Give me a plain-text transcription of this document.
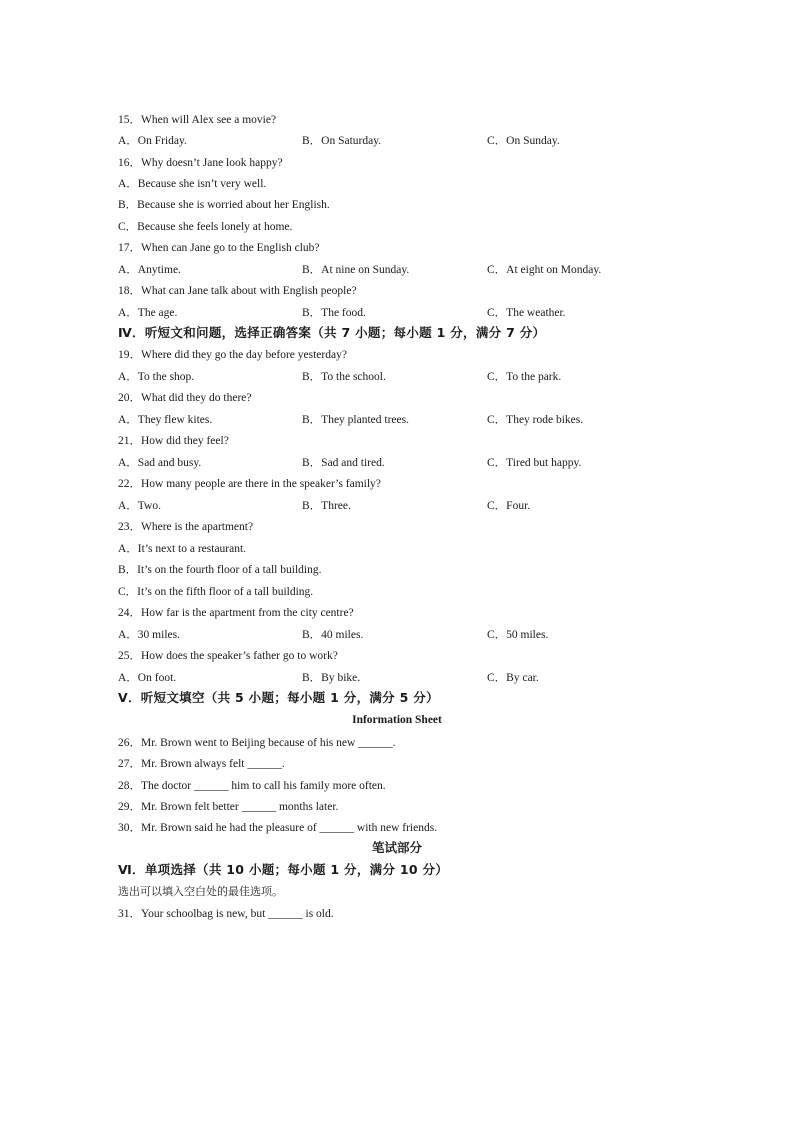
15．When will Alex see a movie?
A．On Friday.	B．On Saturday.	C．On Sunday.
16．Why doesn’t Jane look happy?
A．Because she isn’t very well.
B．Because she is worried about her English.
C．Because she feels lonely at home.
17．When can Jane go to the English club?
A．Anytime.	B．At nine on Sunday.	C．At eight on Monday.
18．What can Jane talk about with English people?
A．The age.	B．The food.	C．The weather.
Ⅳ．听短文和问题，选择正确答案（共 7 小题；每小题 1 分，满分 7 分）
19．Where did they go the day before yesterday?
A．To the shop.	B．To the school.	C．To the park.
20．What did they do there?
A．They flew kites.	B．They planted trees.	C．They rode bikes.
21．How did they feel?
A．Sad and busy.	B．Sad and tired.	C．Tired but happy.
22．How many people are there in the speaker’s family?
A．Two.	B．Three.	C．Four.
23．Where is the apartment?
A．It’s next to a restaurant.
B．It’s on the fourth floor of a tall building.
C．It’s on the fifth floor of a tall building.
24．How far is the apartment from the city centre?
A．30 miles.	B．40 miles.	C．50 miles.
25．How does the speaker’s father go to work?
A．On foot.	B．By bike.	C．By car.
Ⅴ．听短文填空（共 5 小题；每小题 1 分，满分 5 分）
Information Sheet
26．Mr. Brown went to Beijing because of his new ______.
27．Mr. Brown always felt ______.
28．The doctor ______ him to call his family more often.
29．Mr. Brown felt better ______ months later.
30．Mr. Brown said he had the pleasure of ______ with new friends.
笔试部分
Ⅵ．单项选择（共 10 小题；每小题 1 分，满分 10 分）
选出可以填入空白处的最佳选项。
31．Your schoolbag is new, but ______ is old.
